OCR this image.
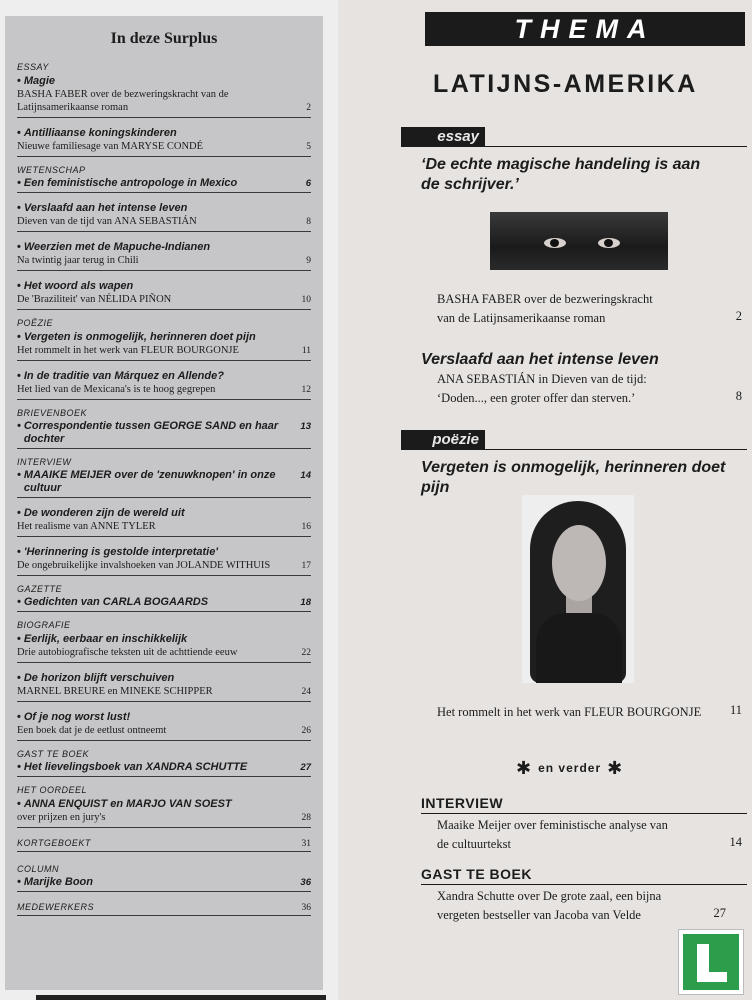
In deze Surplus
ESSAY
• Magie
BASHA FABER over de bezweringskracht van de
Latijnsamerikaanse roman	2
• Antilliaanse koningskinderen
Nieuwe familiesage van MARYSE CONDÉ	5
WETENSCHAP
• Een feministische antropologe in Mexico	6
• Verslaafd aan het intense leven
Dieven van de tijd van ANA SEBASTIÁN	8
• Weerzien met de Mapuche-Indianen
Na twintig jaar terug in Chili	9
• Het woord als wapen
De 'Braziliteit' van NÉLIDA PIÑON	10
POËZIE
• Vergeten is onmogelijk, herinneren doet pijn
Het rommelt in het werk van FLEUR BOURGONJE	11
• In de traditie van Márquez en Allende?
Het lied van de Mexicana's is te hoog gegrepen	12
BRIEVENBOEK
• Correspondentie tussen GEORGE SAND en haar dochter
13
INTERVIEW
• MAAIKE MEIJER over de 'zenuwknopen' in onze cultuur
14
• De wonderen zijn de wereld uit
Het realisme van ANNE TYLER	16
• 'Herinnering is gestolde interpretatie'
De ongebruikelijke invalshoeken van JOLANDE WITHUIS	17
GAZETTE
• Gedichten van CARLA BOGAARDS	18
BIOGRAFIE
• Eerlijk, eerbaar en inschikkelijk
Drie autobiografische teksten uit de achttiende eeuw	22
• De horizon blijft verschuiven
MARNEL BREURE en MINEKE SCHIPPER	24
• Of je nog worst lust!
Een boek dat je de eetlust ontneemt	26
GAST TE BOEK
• Het lievelingsboek van XANDRA SCHUTTE	27
HET OORDEEL
• ANNA ENQUIST en MARJO VAN SOEST
over prijzen en jury's	28
KORTGEBOEKT	31
COLUMN
• Marijke Boon	36
MEDEWERKERS	36
THEMA
LATIJNS-AMERIKA
essay
‘De echte magische handeling is aan
de schrijver.’
BASHA FABER over de bezweringskracht
van de Latijnsamerikaanse roman	2
Verslaafd aan het intense leven
ANA SEBASTIÁN in Dieven van de tijd:
‘Doden..., een groter offer dan sterven.’	8
poëzie
Vergeten is onmogelijk, herinneren doet pijn
Het rommelt in het werk van FLEUR BOURGONJE 11
✱ en verder ✱
INTERVIEW
Maaike Meijer over feministische analyse van
de cultuurtekst	14
GAST TE BOEK
Xandra Schutte over De grote zaal, een bijna
vergeten bestseller van Jacoba van Velde	27
